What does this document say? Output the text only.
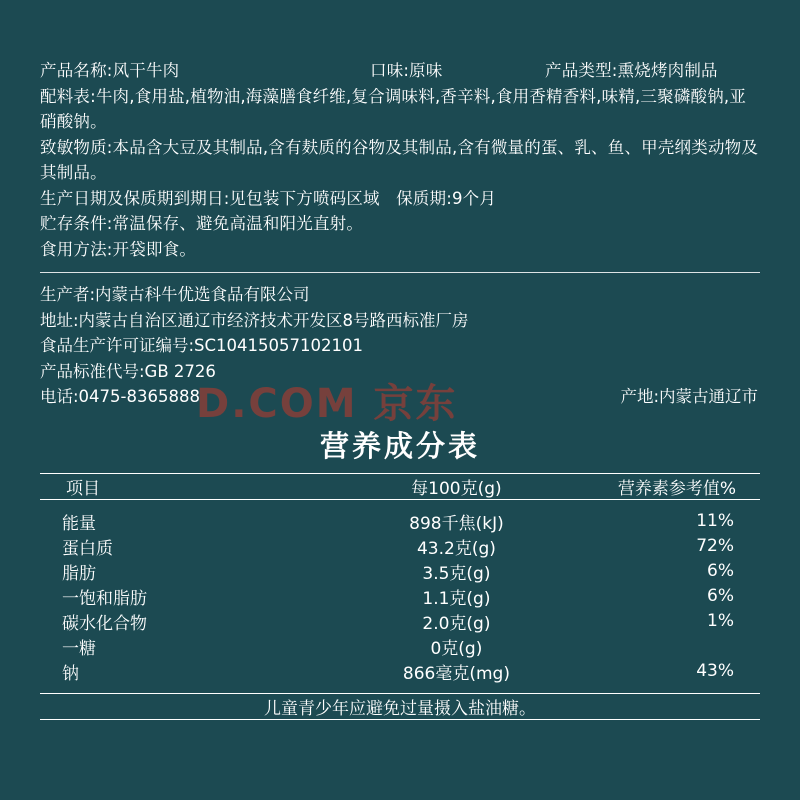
产品名称:风干牛肉	口味:原味	产品类型:熏烧烤肉制品
配料表:牛肉,食用盐,植物油,海藻膳食纤维,复合调味料,香辛料,食用香精香料,味精,三聚磷酸钠,亚硝酸钠。
致敏物质:本品含大豆及其制品,含有麸质的谷物及其制品,含有微量的蛋、乳、鱼、甲壳纲类动物及其制品。
生产日期及保质期到期日:见包装下方喷码区域   保质期:9个月
贮存条件:常温保存、避免高温和阳光直射。
食用方法:开袋即食。
生产者:内蒙古科牛优选食品有限公司
地址:内蒙古自治区通辽市经济技术开发区8号路西标准厂房
食品生产许可证编号:SC10415057102101
产品标准代号:GB 2726
电话:0475-8365888	产地:内蒙古通辽市
营养成分表
项目	每100克(g)	营养素参考值%
能量	898千焦(kJ)	11%
蛋白质	43.2克(g)	72%
脂肪	3.5克(g)	6%
一饱和脂肪	1.1克(g)	6%
碳水化合物	2.0克(g)	1%
一糖	0克(g)	
钠	866毫克(mg)	43%
儿童青少年应避免过量摄入盐油糖。		
D.COM 京东
